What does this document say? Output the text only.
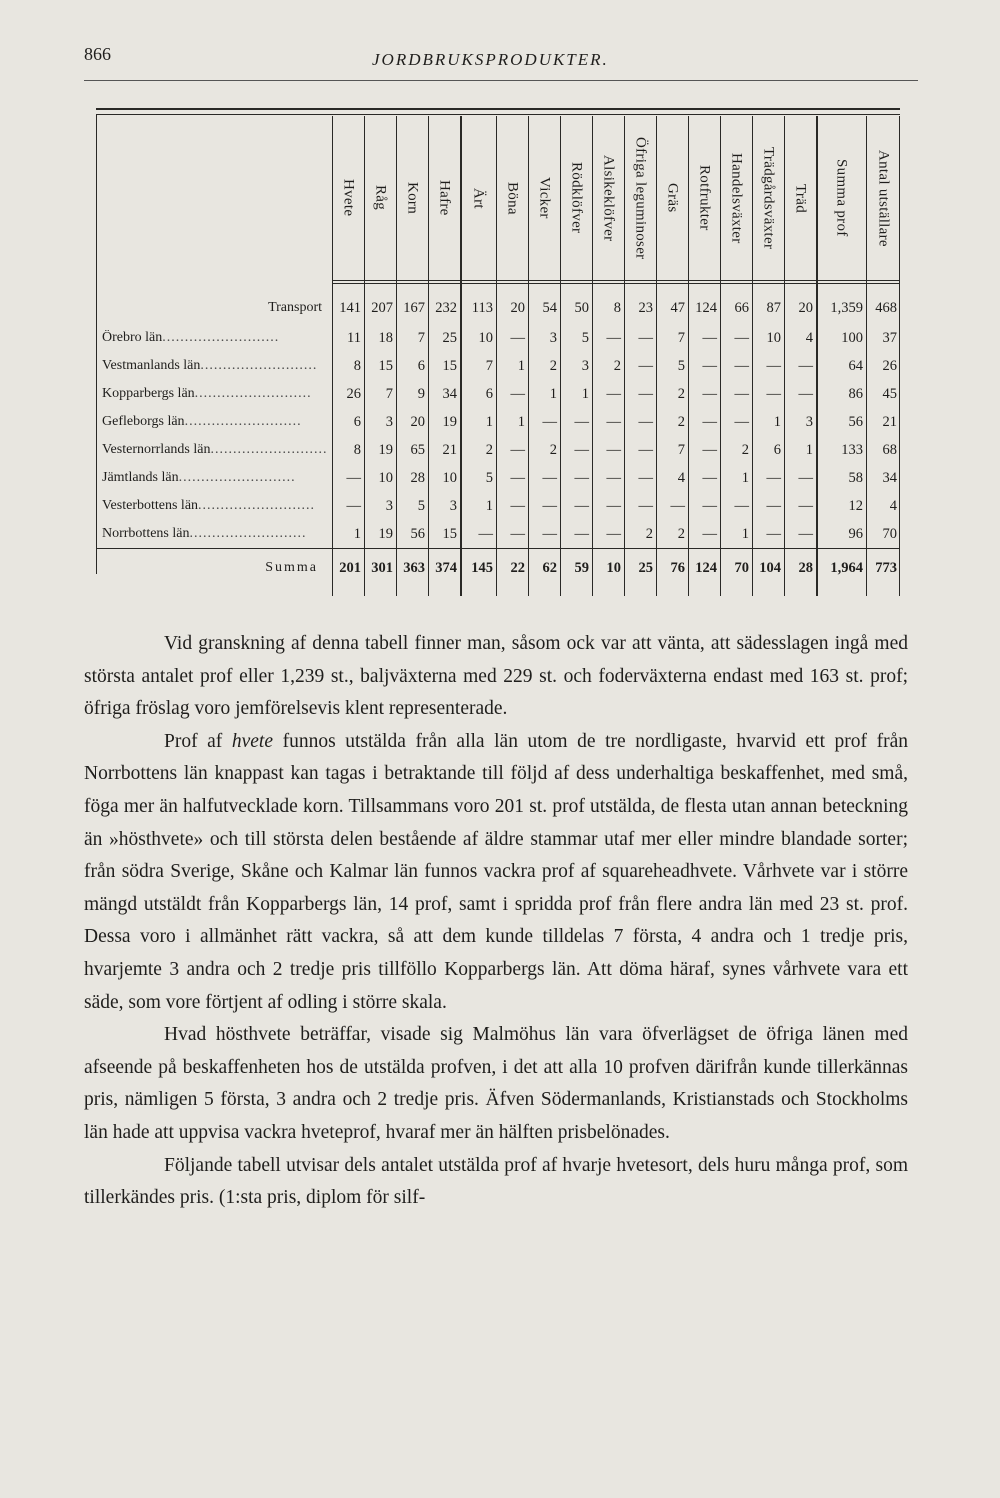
866	JORDBRUKSPRODUKTER.
Hvete Råg Korn Hafre Ärt Böna Vicker Rödklöfver Alsikeklöfver Öfriga leguminoser Gräs Rotfrukter Handelsväxter Trädgårdsväxter Träd Summa prof Antal utställare
Transport	141 207 167 232	113	20	54	50	8	23	47 124	66	87	20	1,359 468
Örebro län..........................	11	18	7	25	10	—	3	5	—	—	7	—	—	10	4	100	37
Vestmanlands län..........................	8	15	6	15	7	1	2	3	2	—	5	—	—	—	—	64	26
Kopparbergs län..........................	26	7	9	34	6	—	1	1	—	—	2	—	—	—	—	86	45
Gefleborgs län..........................	6	3	20	19	1	1	—	—	—	—	2	—	—	1	3	56	21
Vesternorrlands län..........................	8	19	65	21	2	—	2	—	—	—	7	—	2	6	1	133	68
Jämtlands län..........................	—	10	28	10	5	—	—	—	—	—	4	—	1	—	—	58	34
Vesterbottens län..........................	—	3	5	3	1	—	—	—	—	—	—	—	—	—	—	12	4
Norrbottens län..........................	1	19	56	15	—	—	—	—	—	2	2	—	1	—	—	96	70
Summa	201 301 363 374 145	22	62	59	10	25	76 124	70 104	28	1,964 773

Vid granskning af denna tabell finner man, såsom ock var att vänta, att sädesslagen ingå med största antalet prof eller 1,239 st., baljväxterna med 229 st. och foderväxterna endast med 163 st. prof; öfriga fröslag voro jemförelsevis klent representerade.

Prof af hvete funnos utstälda från alla län utom de tre nordligaste, hvarvid ett prof från Norrbottens län knappast kan tagas i betraktande till följd af dess underhaltiga beskaffenhet, med små, föga mer än halfutvecklade korn. Tillsammans voro 201 st. prof utstälda, de flesta utan annan beteckning än »hösthvete» och till största delen bestående af äldre stammar utaf mer eller mindre blandade sorter; från södra Sverige, Skåne och Kalmar län funnos vackra prof af squareheadhvete. Vårhvete var i större mängd utstäldt från Kopparbergs län, 14 prof, samt i spridda prof från flere andra län med 23 st. prof. Dessa voro i allmänhet rätt vackra, så att dem kunde tilldelas 7 första, 4 andra och 1 tredje pris, hvarjemte 3 andra och 2 tredje pris tillföllo Kopparbergs län. Att döma häraf, synes vårhvete vara ett säde, som vore förtjent af odling i större skala.

Hvad hösthvete beträffar, visade sig Malmöhus län vara öfverlägset de öfriga länen med afseende på beskaffenheten hos de utstälda profven, i det att alla 10 profven därifrån kunde tillerkännas pris, nämligen 5 första, 3 andra och 2 tredje pris. Äfven Södermanlands, Kristianstads och Stockholms län hade att uppvisa vackra hveteprof, hvaraf mer än hälften prisbelönades.

Följande tabell utvisar dels antalet utstälda prof af hvarje hvetesort, dels huru många prof, som tillerkändes pris. (1:sta pris, diplom för silf-
